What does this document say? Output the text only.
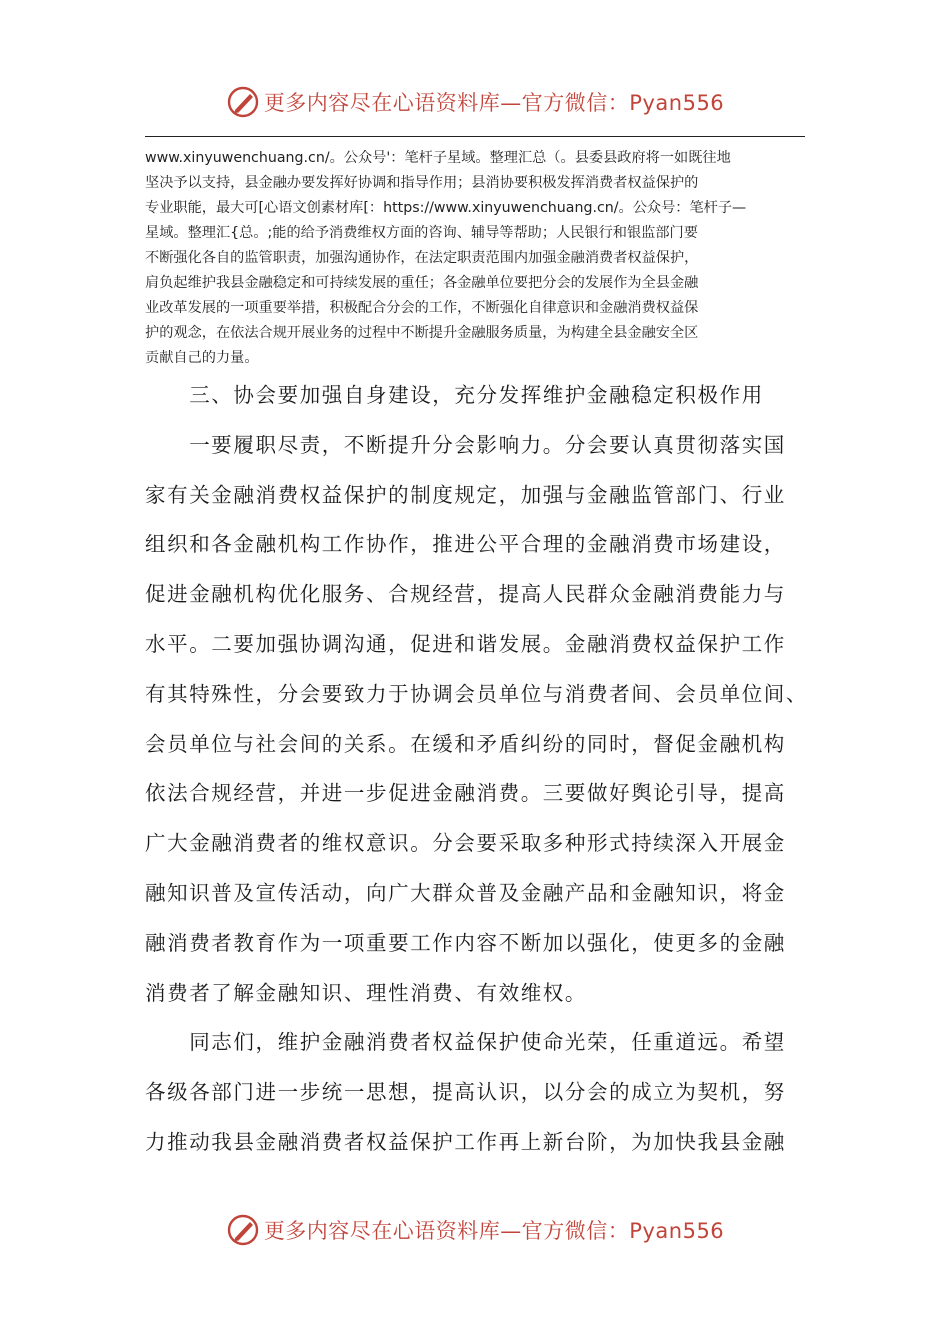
更多内容尽在心语资料库—官方微信：Pyan556
www.xinyuwenchuang.cn/。公众号'：笔杆子星域。整理汇总（。县委县政府将一如既往地
坚决予以支持，县金融办要发挥好协调和指导作用；县消协要积极发挥消费者权益保护的
专业职能，最大可[心语文创素材库[：https://www.xinyuwenchuang.cn/。公众号：笔杆子—
星域。整理汇{总。;能的给予消费维权方面的咨询、辅导等帮助；人民银行和银监部门要
不断强化各自的监管职责，加强沟通协作，在法定职责范围内加强金融消费者权益保护，
肩负起维护我县金融稳定和可持续发展的重任；各金融单位要把分会的发展作为全县金融
业改革发展的一项重要举措，积极配合分会的工作，不断强化自律意识和金融消费权益保
护的观念，在依法合规开展业务的过程中不断提升金融服务质量，为构建全县金融安全区
贡献自己的力量。
　　三、协会要加强自身建设，充分发挥维护金融稳定积极作用
　　一要履职尽责，不断提升分会影响力。分会要认真贯彻落实国
家有关金融消费权益保护的制度规定，加强与金融监管部门、行业
组织和各金融机构工作协作，推进公平合理的金融消费市场建设，
促进金融机构优化服务、合规经营，提高人民群众金融消费能力与
水平。二要加强协调沟通，促进和谐发展。金融消费权益保护工作
有其特殊性，分会要致力于协调会员单位与消费者间、会员单位间、
会员单位与社会间的关系。在缓和矛盾纠纷的同时，督促金融机构
依法合规经营，并进一步促进金融消费。三要做好舆论引导，提高
广大金融消费者的维权意识。分会要采取多种形式持续深入开展金
融知识普及宣传活动，向广大群众普及金融产品和金融知识，将金
融消费者教育作为一项重要工作内容不断加以强化，使更多的金融
消费者了解金融知识、理性消费、有效维权。
　　同志们，维护金融消费者权益保护使命光荣，任重道远。希望
各级各部门进一步统一思想，提高认识，以分会的成立为契机，努
力推动我县金融消费者权益保护工作再上新台阶，为加快我县金融
更多内容尽在心语资料库—官方微信：Pyan556
